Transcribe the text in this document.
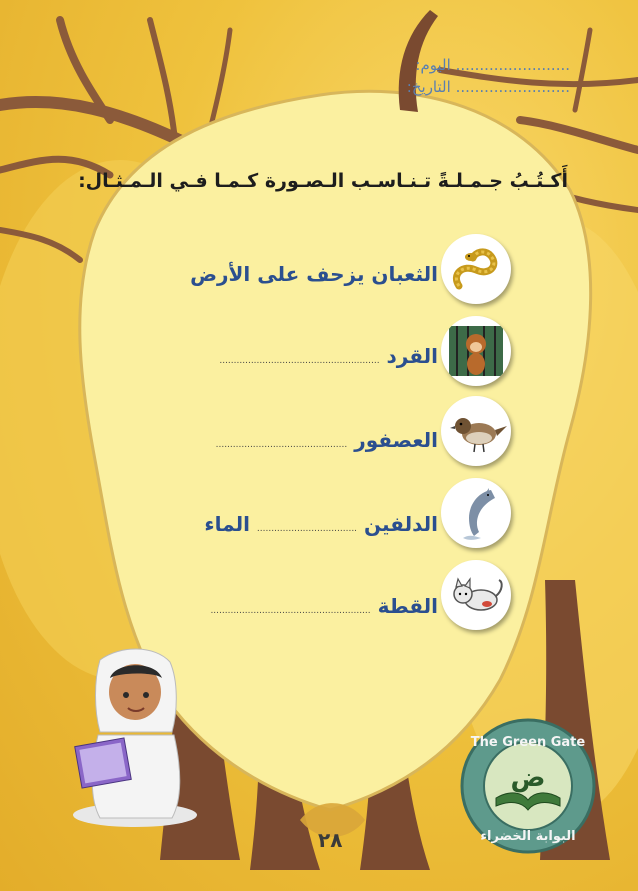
........................ اليوم:
........................ التاريخ:
أَكـتُـبُ جـمـلـةً تـنـاسـب الـصـورة كـمـا فـي الـمـثـال:
الثعبان يزحف على الأرض
القرد ........................................................
العصفور ..............................................
الدلفين ................................... الماء
القطة ........................................................
ض
The Green Gate
البوابة الخضراء
٢٨
